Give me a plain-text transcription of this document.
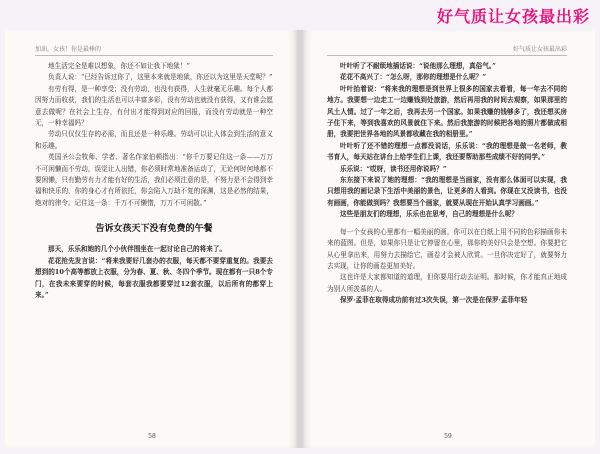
好气质让女孩最出彩
加油，女孩！你是最棒的

地生活完全是难以想象，你还不如让我下地狱！”

负责人说：“已经告诉过你了，这里本来就是地狱，你还以为这里是天堂呢？”

有劳有得，是一种享受；没有劳动，也没有获得，人生就毫无乐趣。每个人都因努力而收获，我们的生活也可以丰富多彩，没有劳动也就没有获得，又有谁会愿意去做呢？在社会上生存，有付出才能得到对应的回报，而没有劳动就是一种空无，一种幸福吗？

劳动只仅仅生存的必需，而且还是一种乐趣。劳动可以让人体会到生活的意义和乐趣。

英国圣公会牧师、学者、著名作家伯顿指出：“你千万要记住这一条——万万不可闲懒而不劳动，误觉让人出错，你必须时常地准备运动了，无论何时何地都不要闲懒，只有勤劳有力才能有好的生活，我们必须注意的是，不努力是不会得到幸福和快乐的，你的身心才有所依托，你会陷入万劫不复的深渊，这是必然的结果，绝对的律令。记住这一条：千万不可懒惰，万万不可闲散。”

告诉女孩天下没有免费的午餐

那天，乐乐和她的几个小伙伴围坐在一起讨论自己的将来了。

花花抢先发言说：“将来我要好几套办的衣服，每天都不要穿重复的。我要去想到的10个高等都放上衣服，分为春、夏、秋、冬四个季节。现在都有一只8个专门，在我未来要穿的时候，每套衣服我都要穿过12套衣服，以后所有的都穿上来。”

58
好气质让女孩最出彩

叶叶听了不耐烦地插话说：“说他那么理想，真俗气。”

花花不高兴了：“怎么呀，那你的理想是什么呢？”

叶叶抬着说：“将来我的理想是到世界上很多的国家去看看，每一年去不同的地方。我要想一边走工一边赚钱到处旅游，然后再用我的时间去观察，如果那里的风土人情。过了一年之后，我再去另一个国家。如果我赚的钱够多了，我还想买房子住下来，等到我喜欢的风景就住下来。然后我旅游的时候把各地的照片都做成相册，我要把世界各地的风景都收藏在我的相册里。”

叶叶听了还不错的理想一点都没说话，乐乐说：“我的理想是做一名老师，教书育人，每天站在讲台上给学生们上课，我还要帮助那些成绩不好的同学。”

乐乐说：“哎呀，读书还用你说吗？”

东东接下来说了她的理想：“我的理想是当画家，没有那么体面可以实现，我只想用我的画记录下生活中美丽的景色，让更多的人看到。你现在又没读书，也没有画画，你能做到吗？我想要当个画家，就要从现在开始认真学习画画。”

这些是朋友们的理想，乐乐也在思考，自己的理想是什么呢？

每一个女孩的心里都有一幅美丽的画，你可以在白纸上用不同的色彩描画你未来的蓝图。但是，如果你只是让它停留在心里，那你的美好只会是空想。你要把它从心里拿出来，用努力去描绘它，画卷才会被人欣赏。一旦你决定好了，就要努力去实现，让你的画卷更加美好。

这也许是大家都知道的道理，但你要用行动去证明。那时候，你才能真正地成为别人所羡慕的人。

保罗·孟菲在取得成功前有过3次失误，第一次是在保罗·孟菲年轻

59
